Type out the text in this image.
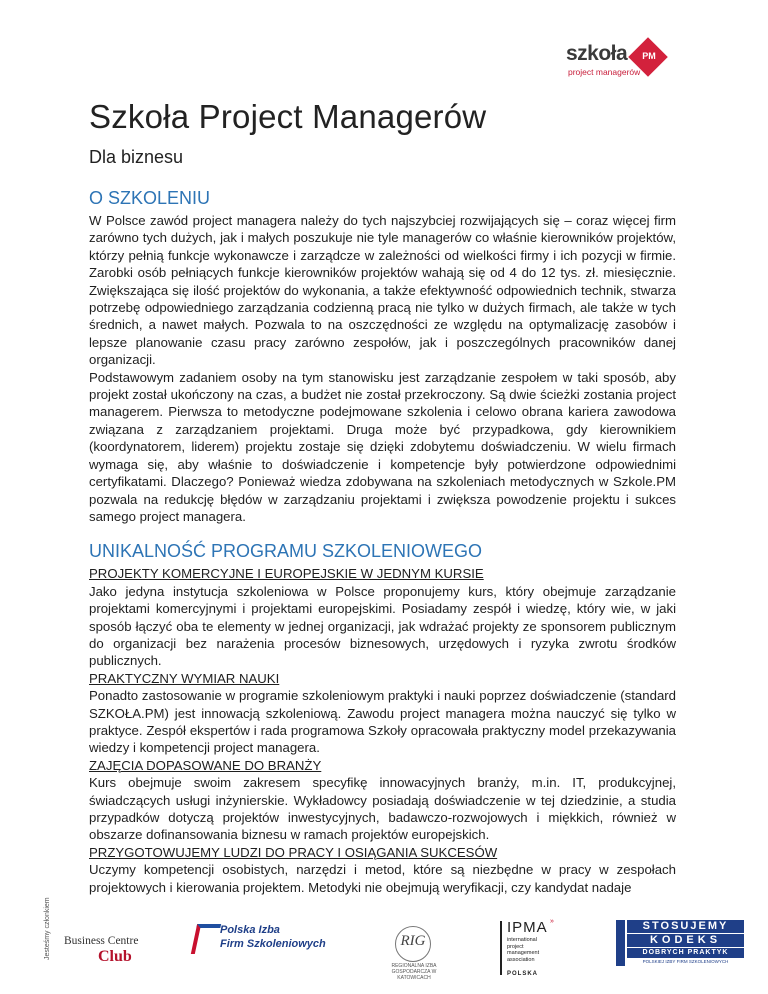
szkoła	PM
project managerów
Szkoła Project Managerów
Dla biznesu
O SZKOLENIU

W Polsce zawód project managera należy do tych najszybciej rozwijających się – coraz więcej firm zarówno tych dużych, jak i małych poszukuje nie tyle managerów co właśnie kierowników projektów, którzy pełnią funkcje wykonawcze i zarządcze w zależności od wielkości firmy i ich pozycji w firmie. Zarobki osób pełniących funkcje kierowników projektów wahają się od 4 do 12 tys. zł. miesięcznie. Zwiększająca się ilość projektów do wykonania, a także efektywność odpowiednich technik, stwarza potrzebę odpowiedniego zarządzania codzienną pracą nie tylko w dużych firmach, ale także w tych średnich, a nawet małych. Pozwala to na oszczędności ze względu na optymalizację zasobów i lepsze planowanie czasu pracy zarówno zespołów, jak i poszczególnych pracowników danej organizacji.

Podstawowym zadaniem osoby na tym stanowisku jest zarządzanie zespołem w taki sposób, aby projekt został ukończony na czas, a budżet nie został przekroczony. Są dwie ścieżki zostania project managerem. Pierwsza to metodyczne podejmowane szkolenia i celowo obrana kariera zawodowa związana z zarządzaniem projektami. Druga może być przypadkowa, gdy kierownikiem (koordynatorem, liderem) projektu zostaje się dzięki zdobytemu doświadczeniu. W wielu firmach wymaga się, aby właśnie to doświadczenie i kompetencje były potwierdzone odpowiednimi certyfikatami. Dlaczego? Ponieważ wiedza zdobywana na szkoleniach metodycznych w Szkole.PM pozwala na redukcję błędów w zarządzaniu projektami i zwiększa powodzenie projektu i sukces samego project managera.

UNIKALNOŚĆ PROGRAMU SZKOLENIOWEGO
PROJEKTY KOMERCYJNE I EUROPEJSKIE W JEDNYM KURSIE

Jako jedyna instytucja szkoleniowa w Polsce proponujemy kurs, który obejmuje zarządzanie projektami komercyjnymi i projektami europejskimi. Posiadamy zespół i wiedzę, który wie, w jaki sposób łączyć oba te elementy w jednej organizacji, jak wdrażać projekty ze sponsorem publicznym do organizacji bez narażenia procesów biznesowych, urzędowych i ryzyka zwrotu środków publicznych.

PRAKTYCZNY WYMIAR NAUKI

Ponadto zastosowanie w programie szkoleniowym praktyki i nauki poprzez doświadczenie (standard SZKOŁA.PM) jest innowacją szkoleniową. Zawodu project managera można nauczyć się tylko w praktyce. Zespół ekspertów i rada programowa Szkoły opracowała praktyczny model przekazywania wiedzy i kompetencji project managera.

ZAJĘCIA DOPASOWANE DO BRANŻY

Kurs obejmuje swoim zakresem specyfikę innowacyjnych branży, m.in. IT, produkcyjnej, świadczących usługi inżynierskie. Wykładowcy posiadają doświadczenie w tej dziedzinie, a studia przypadków dotyczą projektów inwestycyjnych, badawczo-rozwojowych i miękkich, również w obszarze dofinansowania biznesu w ramach projektów europejskich.

PRZYGOTOWUJEMY LUDZI DO PRACY I OSIĄGANIA SUKCESÓW

Uczymy kompetencji osobistych, narzędzi i metod, które są niezbędne w pracy w zespołach projektowych i kierowania projektem. Metodyki nie obejmują weryfikacji, czy kandydat nadaje

Jesteśmy członkiem Business Centre
Club
Polska Izba
Firm Szkoleniowych	RIG
REGIONALNA IZBA GOSPODARCZA W KATOWICACH
IPMA »
international
project
management
association
POLSKA
STOSUJEMY
KODEKS
DOBRYCH PRAKTYK
POLSKIEJ IZBY FIRM SZKOLENIOWYCH
